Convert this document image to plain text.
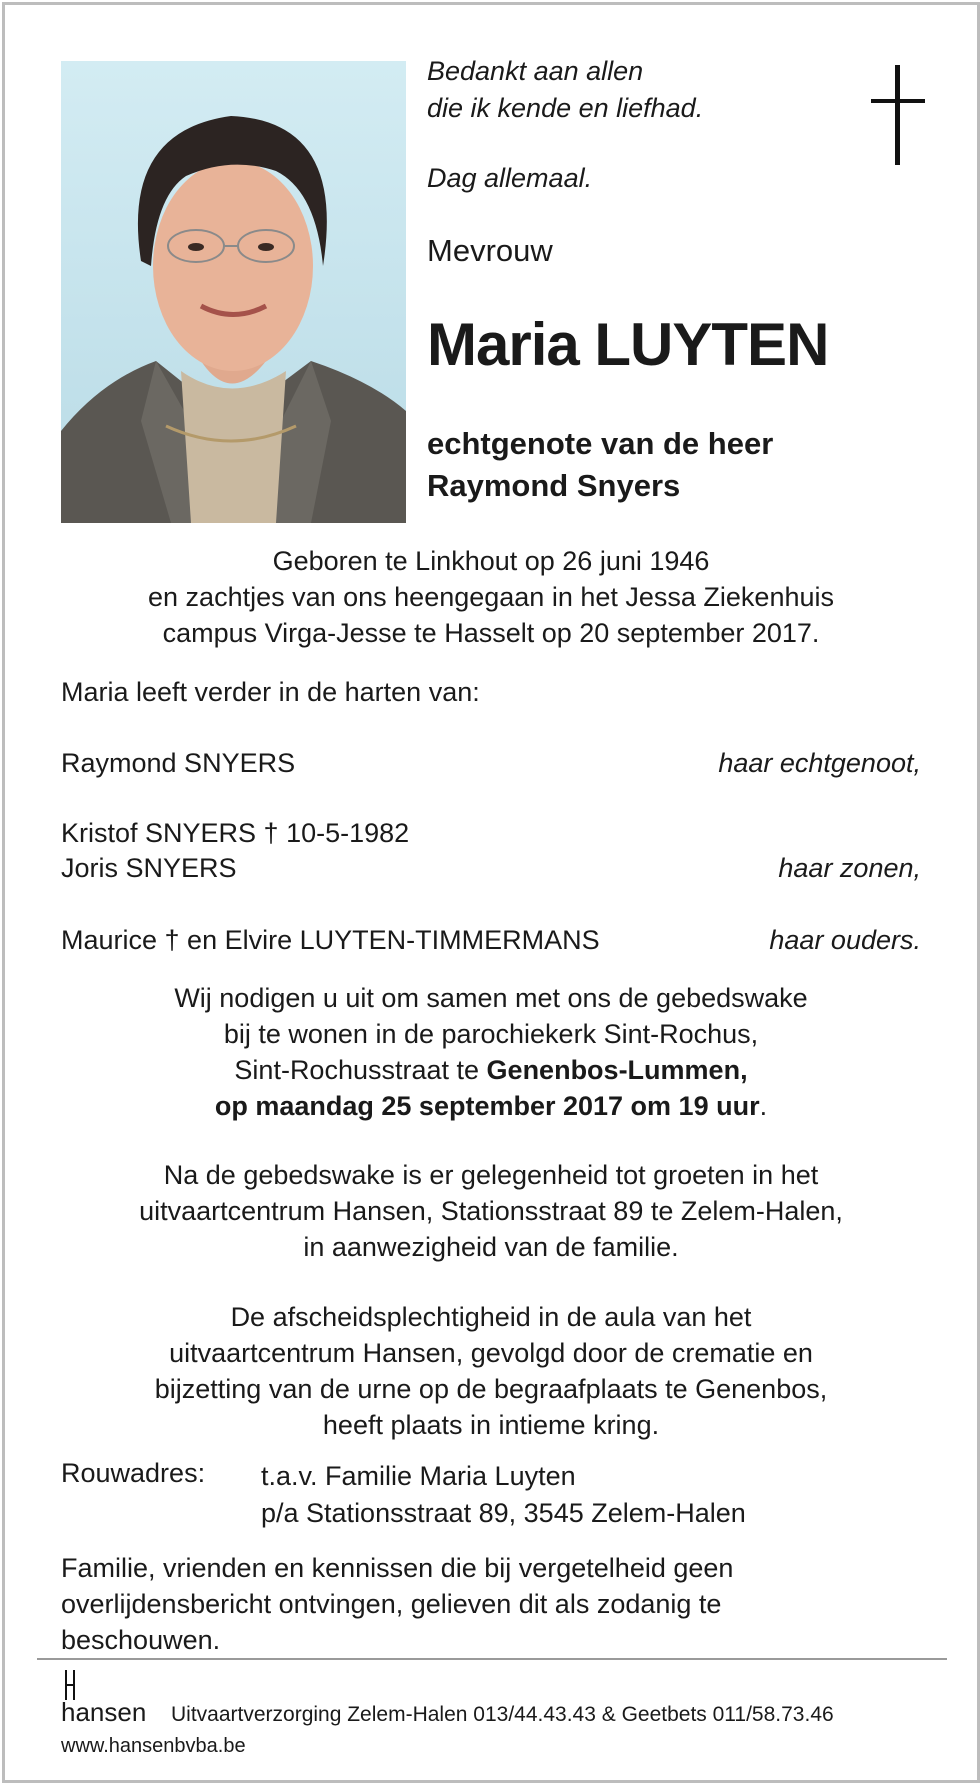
Bedankt aan allen
die ik kende en liefhad.
Dag allemaal.
Mevrouw
Maria LUYTEN
echtgenote van de heer
Raymond Snyers
Geboren te Linkhout op 26 juni 1946
en zachtjes van ons heengegaan in het Jessa Ziekenhuis
campus Virga-Jesse te Hasselt op 20 september 2017.
Maria leeft verder in de harten van:
Raymond SNYERS	haar echtgenoot,
Kristof SNYERS † 10-5-1982
Joris SNYERS	haar zonen,
Maurice † en Elvire LUYTEN-TIMMERMANS	haar ouders.
Wij nodigen u uit om samen met ons de gebedswake
bij te wonen in de parochiekerk Sint-Rochus,
Sint-Rochusstraat te Genenbos-Lummen,
op maandag 25 september 2017 om 19 uur.
Na de gebedswake is er gelegenheid tot groeten in het
uitvaartcentrum Hansen, Stationsstraat 89 te Zelem-Halen,
in aanwezigheid van de familie.
De afscheidsplechtigheid in de aula van het
uitvaartcentrum Hansen, gevolgd door de crematie en
bijzetting van de urne op de begraafplaats te Genenbos,
heeft plaats in intieme kring.
Rouwadres: t.a.v. Familie Maria Luyten
p/a Stationsstraat 89, 3545 Zelem-Halen
Familie, vrienden en kennissen die bij vergetelheid geen
overlijdensbericht ontvingen, gelieven dit als zodanig te
beschouwen.
hansen Uitvaartverzorging Zelem-Halen 013/44.43.43 & Geetbets 011/58.73.46
www.hansenbvba.be
